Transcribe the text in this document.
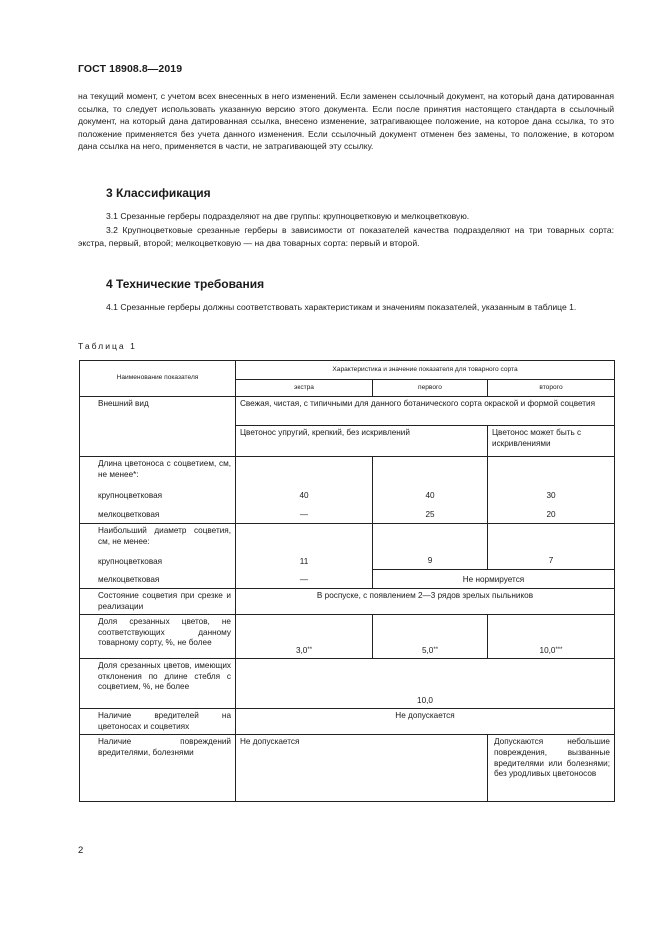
ГОСТ 18908.8—2019
на текущий момент, с учетом всех внесенных в него изменений. Если заменен ссылочный документ, на который дана датированная ссылка, то следует использовать указанную версию этого документа. Если после принятия настоящего стандарта в ссылочный документ, на который дана датированная ссылка, внесено изменение, затрагивающее положение, на которое дана ссылка, то это положение применяется без учета данного изменения. Если ссылочный документ отменен без замены, то положение, в котором дана ссылка на него, применяется в части, не затрагивающей эту ссылку.
3 Классификация
3.1 Срезанные герберы подразделяют на две группы: крупноцветковую и мелкоцветковую.
3.2 Крупноцветковые срезанные герберы в зависимости от показателей качества подразделяют на три товарных сорта: экстра, первый, второй; мелкоцветковую — на два товарных сорта: первый и второй.
4 Технические требования
4.1 Срезанные герберы должны соответствовать характеристикам и значениям показателей, указанным в таблице 1.
Таблица 1
Наименование показателя	Характеристика и значение показателя для товарного сорта		
	экстра	первого	второго
Внешний вид	Свежая, чистая, с типичными для данного ботанического сорта окраской и формой соцветия		
	Цветонос упругий, крепкий, без искривлений		Цветонос может быть с искривлениями
Длина цветоноса с соцветием, см, не менее*:			
крупноцветковая	40	40	30
мелкоцветковая	—	25	20
Наибольший диаметр соцветия, см, не менее:			
крупноцветковая	11	9	7
мелкоцветковая	—	Не нормируется	
Состояние соцветия при срезке и реализации	В роспуске, с появлением 2—3 рядов зрелых пыльников		
Доля срезанных цветов, не соответствующих данному товарному сорту, %, не более	3,0**	5,0**	10,0***
Доля срезанных цветов, имеющих отклонения по длине стебля с соцветием, %, не более	10,0		
Наличие вредителей на цветоносах и соцветиях	Не допускается		
Наличие повреждений вредителями, болезнями	Не допускается		Допускаются небольшие повреждения, вызванные вредителями или болезнями; без уродливых цветоносов
2
